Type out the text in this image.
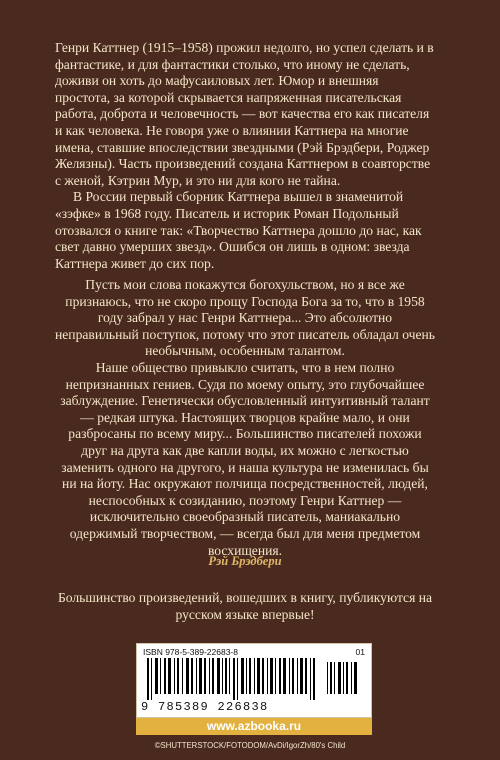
Генри Каттнер (1915–1958) прожил недолго, но успел сделать и в фантастике, и для фантастики столько, что иному не сделать, доживи он хоть до мафусаиловых лет. Юмор и внешняя простота, за которой скрывается напряженная писательская работа, доброта и человечность — вот качества его как писателя и как человека. Не говоря уже о влиянии Каттнера на многие имена, ставшие впоследствии звездными (Рэй Брэдбери, Роджер Желязны). Часть произведений создана Каттнером в соавторстве с женой, Кэтрин Мур, и это ни для кого не тайна.

В России первый сборник Каттнера вышел в знаменитой «зэфке» в 1968 году. Писатель и историк Роман Подольный отозвался о книге так: «Творчество Каттнера дошло до нас, как свет давно умерших звезд». Ошибся он лишь в одном: звезда Каттнера живет до сих пор.

Пусть мои слова покажутся богохульством, но я все же признаюсь, что не скоро прощу Господа Бога за то, что в 1958 году забрал у нас Генри Каттнера... Это абсолютно неправильный поступок, потому что этот писатель обладал очень необычным, особенным талантом.

Наше общество привыкло считать, что в нем полно непризнанных гениев. Судя по моему опыту, это глубочайшее заблуждение. Генетически обусловленный интуитивный талант — редкая штука. Настоящих творцов крайне мало, и они разбросаны по всему миру... Большинство писателей похожи друг на друга как две капли воды, их можно с легкостью заменить одного на другого, и наша культура не изменилась бы ни на йоту. Нас окружают полчища посредственностей, людей, неспособных к созиданию, поэтому Генри Каттнер — исключительно своеобразный писатель, маниакально одержимый творчеством, — всегда был для меня предметом восхищения.

Рэй Брэдбери
Большинство произведений, вошедших в книгу, публикуются на русском языке впервые!
ISBN 978-5-389-22683-8	01
9 785389 226838
www.azbooka.ru
©SHUTTERSTOCK/FOTODOM/AvDi/IgorZh/80's Child
